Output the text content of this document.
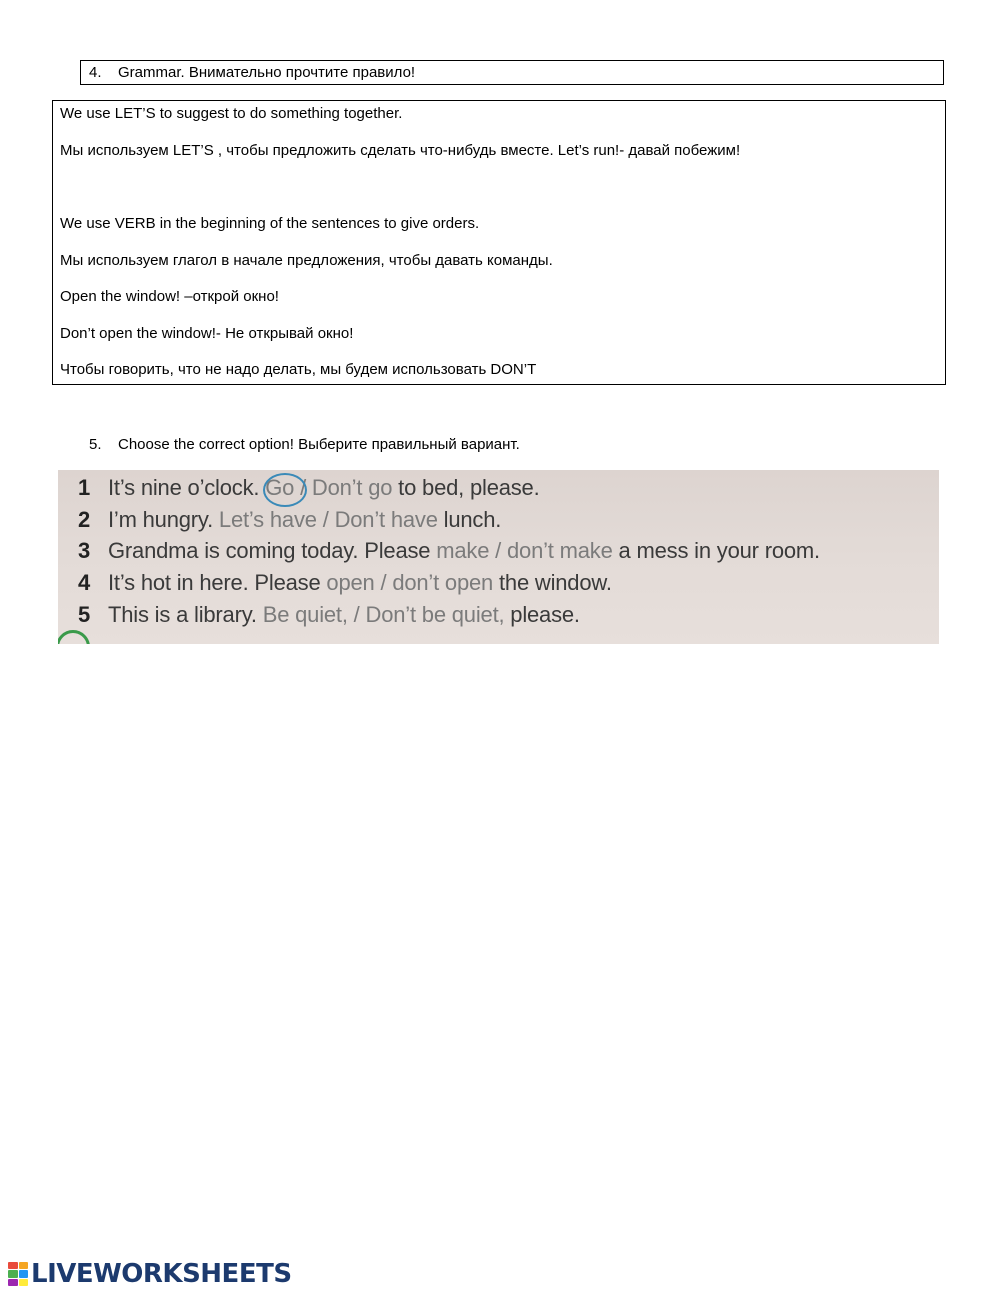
4. Grammar. Внимательно прочтите правило!

We use LET’S to suggest to do something together.

Мы используем LET’S , чтобы предложить сделать что-нибудь вместе. Let’s run!- давай побежим!

We use VERB in the beginning of the sentences to give orders.

Мы используем глагол в начале предложения, чтобы давать команды.

Open the window! –открой окно!

Don’t open the window!- Не открывай окно!

Чтобы говорить, что не надо делать, мы будем использовать DON’T

5. Choose the correct option! Выберите правильный вариант.
1 It’s nine o’clock. Go / Don’t go to bed, please.
2 I’m hungry. Let’s have / Don’t have lunch.
3 Grandma is coming today. Please make / don’t make a mess in your room.
4 It’s hot in here. Please open / don’t open the window.
5 This is a library. Be quiet, / Don’t be quiet, please.
LIVEWORKSHEETS
